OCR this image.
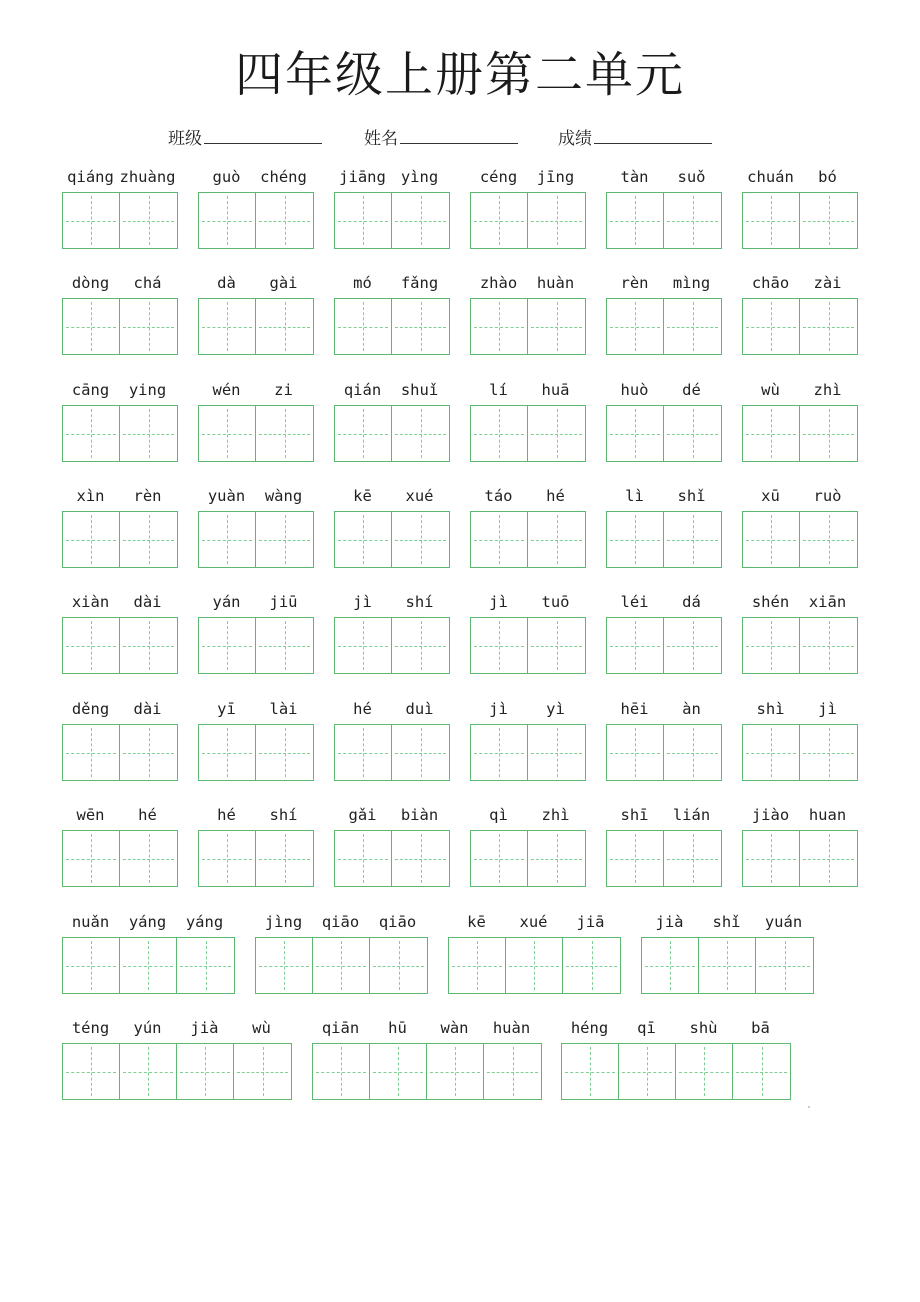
四年级上册第二单元
班级	姓名	成绩
qiáng zhuàng	guò	chéng	jiāng yìng	céng	jīng	tàn	suǒ	chuán	bó
dòng	chá	dà	gài	mó	fǎng	zhào	huàn	rèn	mìng	chāo	zài
cāng	ying	wén	zi	qián	shuǐ	lí	huā	huò	dé	wù	zhì
xìn	rèn	yuàn	wàng	kē	xué	táo	hé	lì	shǐ	xū	ruò
xiàn	dài	yán	jiū	jì	shí	jì	tuō	léi	dá	shén	xiān
děng	dài	yī	lài	hé	duì	jì	yì	hēi	àn	shì	jì
wēn	hé	hé	shí	gǎi	biàn	qì	zhì	shī	lián	jiào	huan
nuǎn	yáng	yáng	jìng	qiāo	qiāo	kē	xué	jiā	jià	shǐ	yuán
téng	yún	jià	wù	qiān	hū	wàn	huàn	héng	qī	shù	bā
